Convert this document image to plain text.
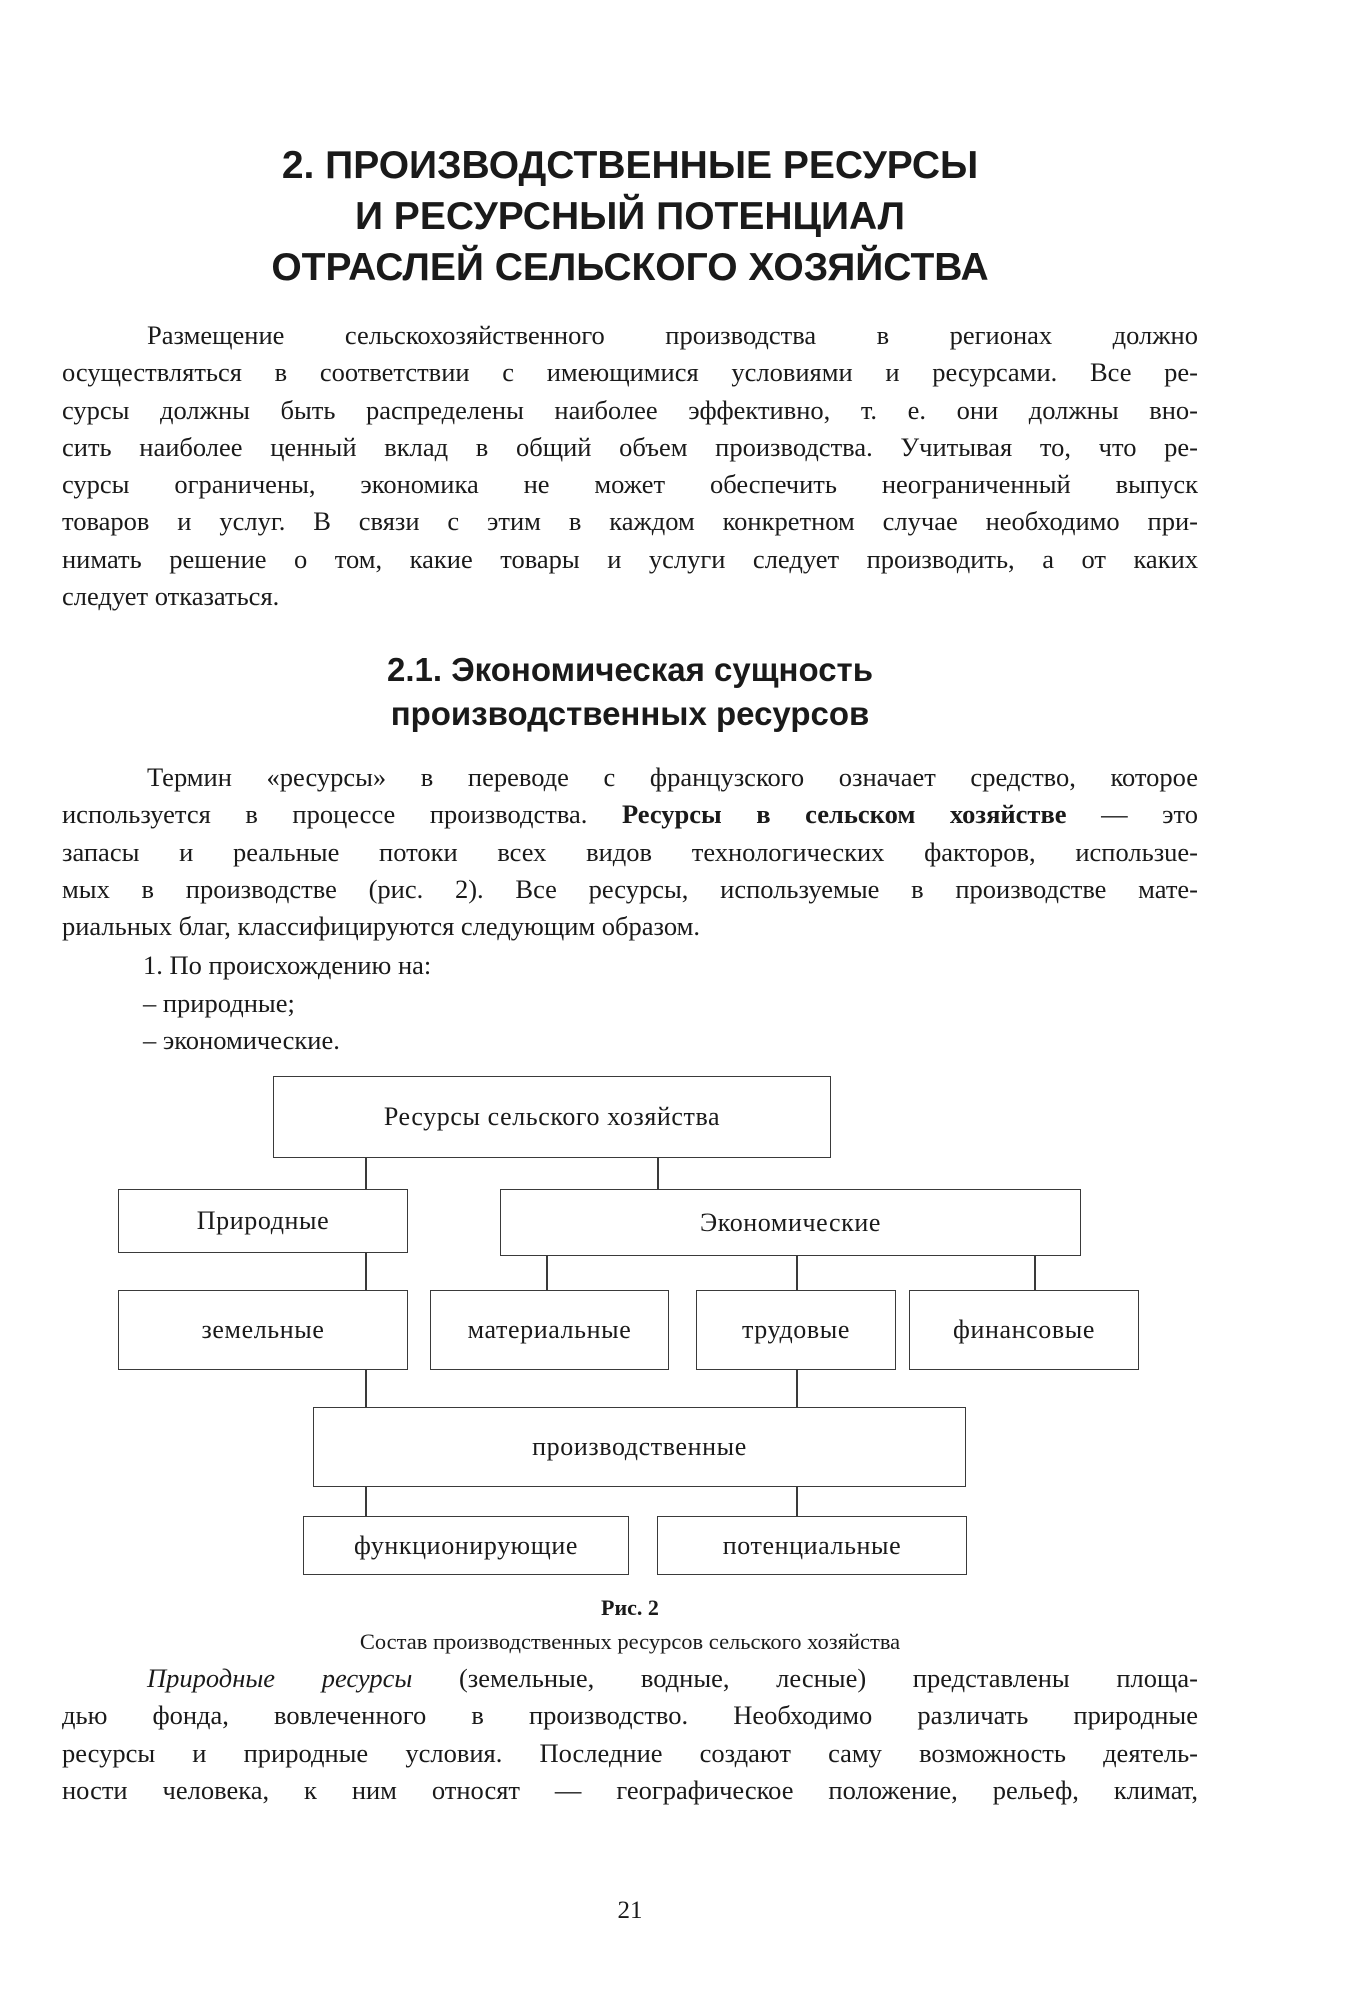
2. ПРОИЗВОДСТВЕННЫЕ РЕСУРСЫ
И РЕСУРСНЫЙ ПОТЕНЦИАЛ
ОТРАСЛЕЙ СЕЛЬСКОГО ХОЗЯЙСТВА
Размещение сельскохозяйственного производства в регионах должно
осуществляться в соответствии с имеющимися условиями и ресурсами. Все ре-
сурсы должны быть распределены наиболее эффективно, т. е. они должны вно-
сить наиболее ценный вклад в общий объем производства. Учитывая то, что ре-
сурсы ограничены, экономика не может обеспечить неограниченный выпуск
товаров и услуг. В связи с этим в каждом конкретном случае необходимо при-
нимать решение о том, какие товары и услуги следует производить, а от каких
следует отказаться.
2.1. Экономическая сущность
производственных ресурсов
Термин «ресурсы» в переводе с французского означает средство, которое
используется в процессе производства. Ресурсы в сельском хозяйстве — это
запасы и реальные потоки всех видов технологических факторов, использue-
мых в производстве (рис. 2). Все ресурсы, используемые в производстве мате-
риальных благ, классифицируются следующим образом.
1. По происхождению на:
– природные;
– экономические.
Ресурсы сельского хозяйства
Природные	Экономические
земельные	материальные	трудовые	финансовые
производственные
функционирующие	потенциальные
Рис. 2
Состав производственных ресурсов сельского хозяйства
Природные ресурсы (земельные, водные, лесные) представлены площа-
дью фонда, вовлеченного в производство. Необходимо различать природные
ресурсы и природные условия. Последние создают саму возможность деятель-
ности человека, к ним относят — географическое положение, рельеф, климат,
21
